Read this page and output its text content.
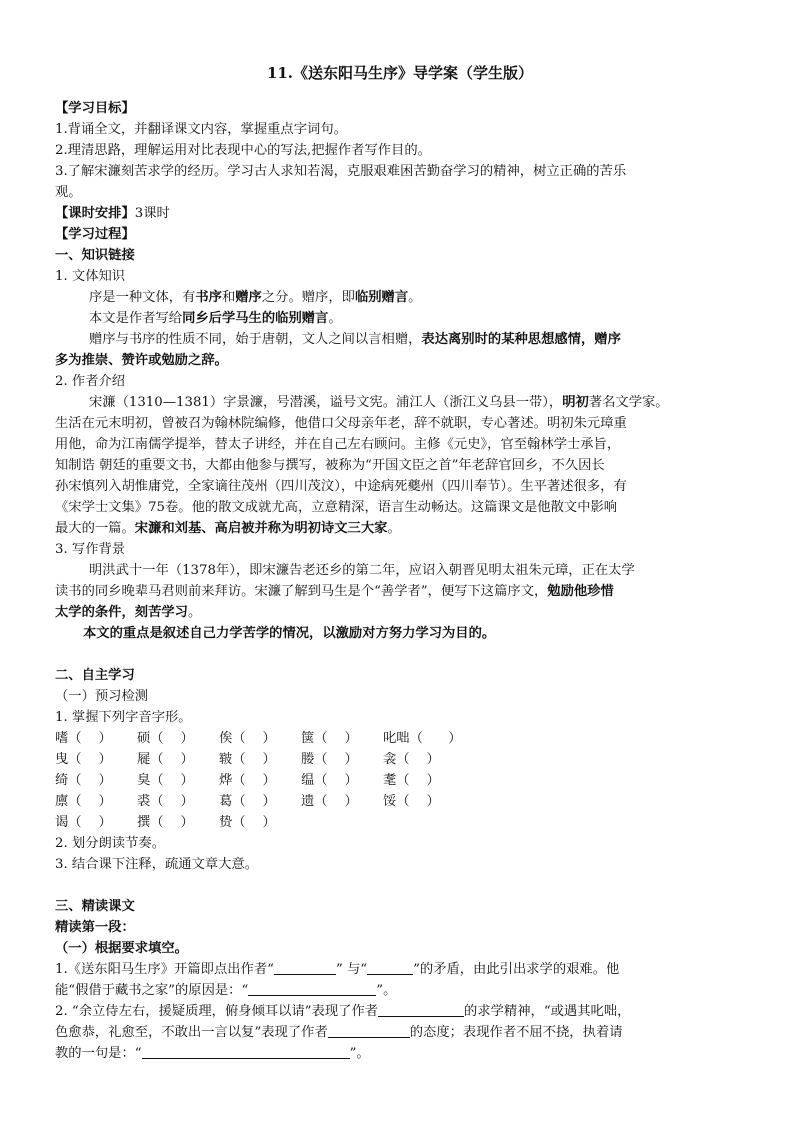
11.《送东阳马生序》导学案（学生版）
【学习目标】
1.背诵全文，并翻译课文内容，掌握重点字词句。
2.理清思路，理解运用对比表现中心的写法,把握作者写作目的。
3.了解宋濂刻苦求学的经历。学习古人求知若渴，克服艰难困苦勤奋学习的精神，树立正确的苦乐
观。
【课时安排】3课时
【学习过程】
一、知识链接
1. 文体知识
序是一种文体，有书序和赠序之分。赠序，即临别赠言。
本文是作者写给同乡后学马生的临别赠言。
赠序与书序的性质不同，始于唐朝，文人之间以言相赠，表达离别时的某种思想感情，赠序
多为推崇、赞许或勉励之辞。
2. 作者介绍
宋濂（1310—1381）字景濂，号潜溪，谥号文宪。浦江人（浙江义乌县一带），明初著名文学家。
生活在元末明初，曾被召为翰林院编修，他借口父母亲年老，辞不就职，专心著述。明初朱元璋重
用他，命为江南儒学提举，替太子讲经，并在自己左右顾问。主修《元史》，官至翰林学士承旨，
知制诰 朝廷的重要文书，大都由他参与撰写，被称为“开国文臣之首”年老辞官回乡，不久因长
孙宋慎列入胡惟庸党，全家谪往茂州（四川茂汶），中途病死夔州（四川奉节）。生平著述很多，有
《宋学士文集》75卷。他的散文成就尤高，立意精深，语言生动畅达。这篇课文是他散文中影响
最大的一篇。宋濂和刘基、高启被并称为明初诗文三大家。
3. 写作背景
明洪武十一年（1378年），即宋濂告老还乡的第二年，应诏入朝晋见明太祖朱元璋，正在太学
读书的同乡晚辈马君则前来拜访。宋濂了解到马生是个“善学者”，便写下这篇序文，勉励他珍惜
太学的条件，刻苦学习。
本文的重点是叙述自己力学苦学的情况，以激励对方努力学习为目的。
二、自主学习
（一）预习检测
1. 掌握下列字音字形。
嗜（    ）	硕（    ）	俟（    ）	箧（    ）	叱咄（      ）
曳（    ）	屣（    ）	皲（    ）	媵（    ）	衾（    ）
绮（    ）	臭（    ）	烨（    ）	缊（    ）	耄（    ）
廪（    ）	裘（    ）	葛（    ）	遗（    ）	馁（    ）
谒（    ）	撰（    ）	贽（    ）
2. 划分朗读节奏。
3. 结合课下注释，疏通文章大意。
三、精读课文
精读第一段：
（一）根据要求填空。
1.《送东阳马生序》开篇即点出作者“	” 与“	”的矛盾，由此引出求学的艰难。他
能“假借于藏书之家”的原因是：“	”。
2. “余立侍左右，援疑质理，俯身倾耳以请”表现了作者	的求学精神，“或遇其叱咄，
色愈恭，礼愈至，不敢出一言以复”表现了作者	的态度；表现作者不屈不挠，执着请
教的一句是：“	”。
